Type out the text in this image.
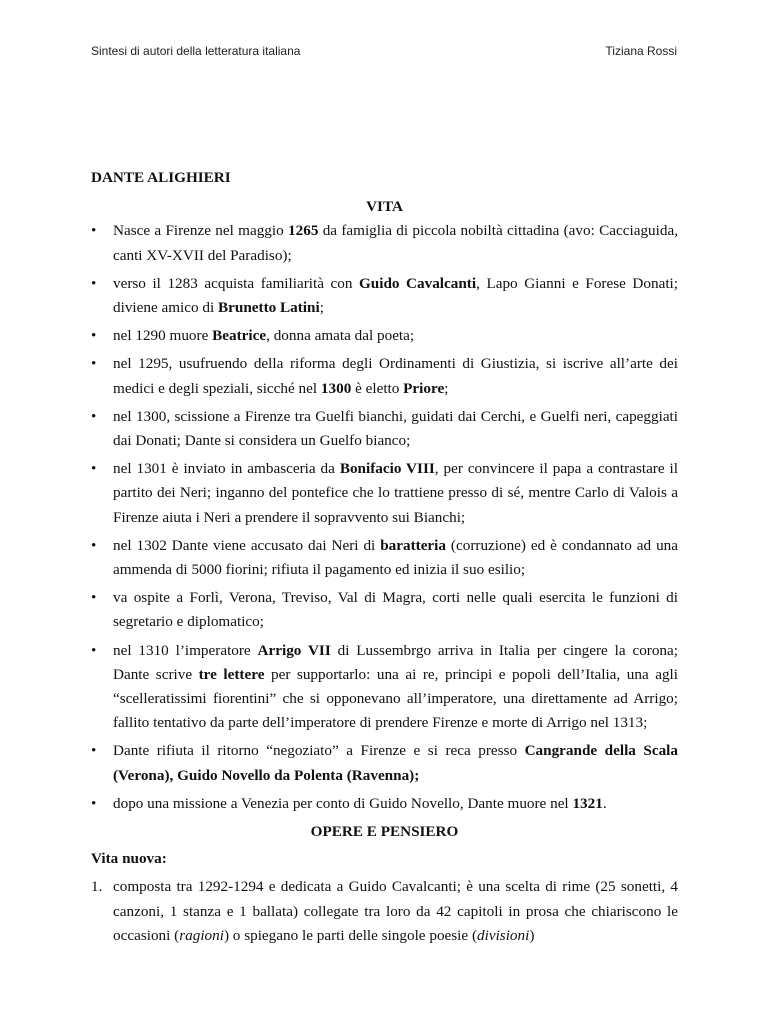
Sintesi di autori della letteratura italiana	Tiziana Rossi

DANTE ALIGHIERI

VITA

•	Nasce a Firenze nel maggio 1265 da famiglia di piccola nobiltà cittadina (avo: Cacciaguida, canti XV-XVII del Paradiso);
•	verso il 1283 acquista familiarità con Guido Cavalcanti, Lapo Gianni e Forese Donati; diviene amico di Brunetto Latini;
•	nel 1290 muore Beatrice, donna amata dal poeta;
•	nel 1295, usufruendo della riforma degli Ordinamenti di Giustizia, si iscrive all’arte dei medici e degli speziali, sicché nel 1300 è eletto Priore;
•	nel 1300, scissione a Firenze tra Guelfi bianchi, guidati dai Cerchi, e Guelfi neri, capeggiati dai Donati; Dante si considera un Guelfo bianco;
•	nel 1301 è inviato in ambasceria da Bonifacio VIII, per convincere il papa a contrastare il partito dei Neri; inganno del pontefice che lo trattiene presso di sé, mentre Carlo di Valois a Firenze aiuta i Neri a prendere il sopravvento sui Bianchi;
•	nel 1302 Dante viene accusato dai Neri di baratteria (corruzione) ed è condannato ad una ammenda di 5000 fiorini; rifiuta il pagamento ed inizia il suo esilio;
•	va ospite a Forlì, Verona, Treviso, Val di Magra, corti nelle quali esercita le funzioni di segretario e diplomatico;
•	nel 1310 l’imperatore Arrigo VII di Lussembrgo arriva in Italia per cingere la corona; Dante scrive tre lettere per supportarlo: una ai re, principi e popoli dell’Italia, una agli “scelleratissimi fiorentini” che si opponevano all’imperatore, una direttamente ad Arrigo; fallito tentativo da parte dell’imperatore di prendere Firenze e morte di Arrigo nel 1313;
•	Dante rifiuta il ritorno “negoziato” a Firenze e si reca presso Cangrande della Scala (Verona), Guido Novello da Polenta (Ravenna);
•	dopo una missione a Venezia per conto di Guido Novello, Dante muore nel 1321.

OPERE E PENSIERO

Vita nuova:

1. composta tra 1292-1294 e dedicata a Guido Cavalcanti; è una scelta di rime (25 sonetti, 4 canzoni, 1 stanza e 1 ballata) collegate tra loro da 42 capitoli in prosa che chiariscono le occasioni (ragioni) o spiegano le parti delle singole poesie (divisioni)
